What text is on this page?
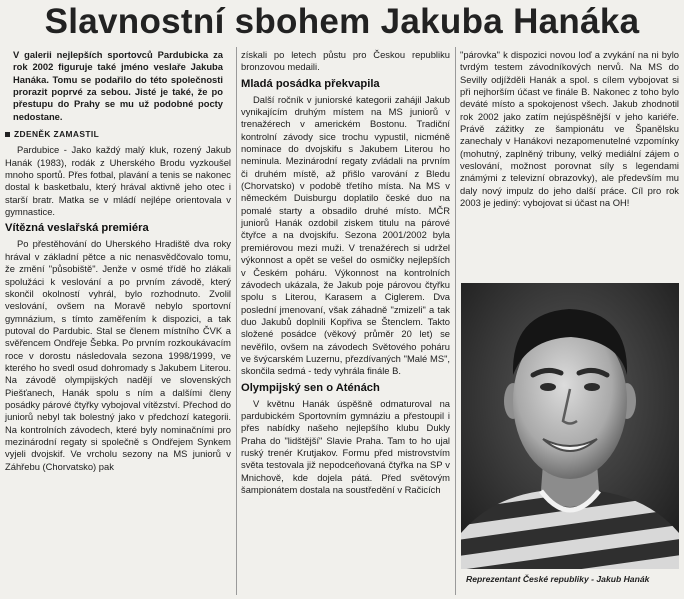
Slavnostní sbohem Jakuba Hanáka

V galerii nejlepších sportovců Pardubicka za rok 2002 figuruje také jméno veslaře Jakuba Hanáka. Tomu se podařilo do této společnosti prorazit poprvé za sebou. Jisté je také, že po přestupu do Prahy se mu už podobné pocty nedostane.

ZDENĚK ZAMASTIL

Pardubice - Jako každý malý kluk, rozený Jakub Hanák (1983), rodák z Uherského Brodu vyzkoušel mnoho sportů. Přes fotbal, plavání a tenis se nakonec dostal k basketbalu, který hrával aktivně jeho otec i starší bratr. Matka se v mládí nejlépe orientovala v gymnastice.

Vítězná veslařská premiéra

Po přestěhování do Uherského Hradiště dva roky hrával v základní pětce a nic nenasvědčovalo tomu, že změní "působiště". Jenže v osmé třídě ho zlákali spolužáci k veslování a po prvním závodě, který skončil okolností vyhrál, bylo rozhodnuto. Zvolil veslování, ovšem na Moravě nebylo sportovní gymnázium, s tímto zaměřením k dispozici, a tak putoval do Pardubic. Stal se členem místního ČVK a svěřencem Ondřeje Šebka. Po prvním rozkoukávacím roce v dorostu následovala sezona 1998/1999, ve kterého ho svedl osud dohromady s Jakubem Literou. Na závodě olympijských nadějí ve slovenských Piešťanech, Hanák spolu s ním a dalšími členy posádky párové čtyřky vybojoval vítězství. Přechod do juniorů nebyl tak bolestný jako v předchozí kategorii. Na kontrolních závodech, které byly nominačními pro mezinárodní regaty si společně s Ondřejem Synkem vyjeli dvojskif. Ve vrcholu sezony na MS juniorů v Záhřebu (Chorvatsko) pak

získali po letech půstu pro Českou republiku bronzovou medaili.

Mladá posádka překvapila

Další ročník v juniorské kategorii zahájil Jakub vynikajícím druhým místem na MS juniorů v trenažérech v americkém Bostonu. Tradiční kontrolní závody sice trochu vypustil, nicméně nominace do dvojskifu s Jakubem Literou ho neminula. Mezinárodní regaty zvládali na prvním či druhém místě, až přišlo varování z Bledu (Chorvatsko) v podobě třetího místa. Na MS v německém Duisburgu doplatilo české duo na pomalé starty a obsadilo druhé místo. MČR juniorů Hanák ozdobil ziskem titulu na párové čtyřce a na dvojskifu. Sezona 2001/2002 byla premiérovou mezi muži. V trenažérech si udržel výkonnost a opět se vešel do osmičky nejlepších v Českém poháru. Výkonnost na kontrolních závodech ukázala, že Jakub poje párovou čtyřku spolu s Literou, Karasem a Ciglerem. Dva poslední jmenovaní, však záhadně "zmizeli" a tak duo Jakubů doplnili Kopřiva se Štenclem. Takto složené posádce (věkový průměr 20 let) se nevěřilo, ovšem na závodech Světového poháru ve švýcarském Luzernu, přezdívaných "Malé MS", skončila sedmá - tedy vyhrála finále B.

Olympijský sen o Aténách

V květnu Hanák úspěšně odmaturoval na pardubickém Sportovním gymnáziu a přestoupil i přes nabídky našeho nejlepšího klubu Dukly Praha do "lidštější" Slavie Praha. Tam to ho ujal ruský trenér Krutjakov. Formu před mistrovstvím světa testovala již nepodceňovaná čtyřka na SP v Mnichově, kde dojela pátá. Před světovým šampionátem dostala na soustředění v Račicích

"párovka" k dispozici novou loď a zvykání na ni bylo tvrdým testem závodníkových nervů. Na MS do Sevilly odjížděli Hanák a spol. s cílem vybojovat si při nejhorším účast ve finále B. Nakonec z toho bylo deváté místo a spokojenost všech. Jakub zhodnotil rok 2002 jako zatím nejúspěšnější v jeho kariéře. Právě zážitky ze šampionátu ve Španělsku zanechaly v Hanákovi nezapomenutelné vzpomínky (mohutný, zaplněný tribuny, velký mediální zájem o veslování, možnost porovnat síly s legendami známými z televizní obrazovky), ale především mu daly nový impulz do jeho další práce. Cíl pro rok 2003 je jediný: vybojovat si účast na OH!

Reprezentant České republiky - Jakub Hanák
